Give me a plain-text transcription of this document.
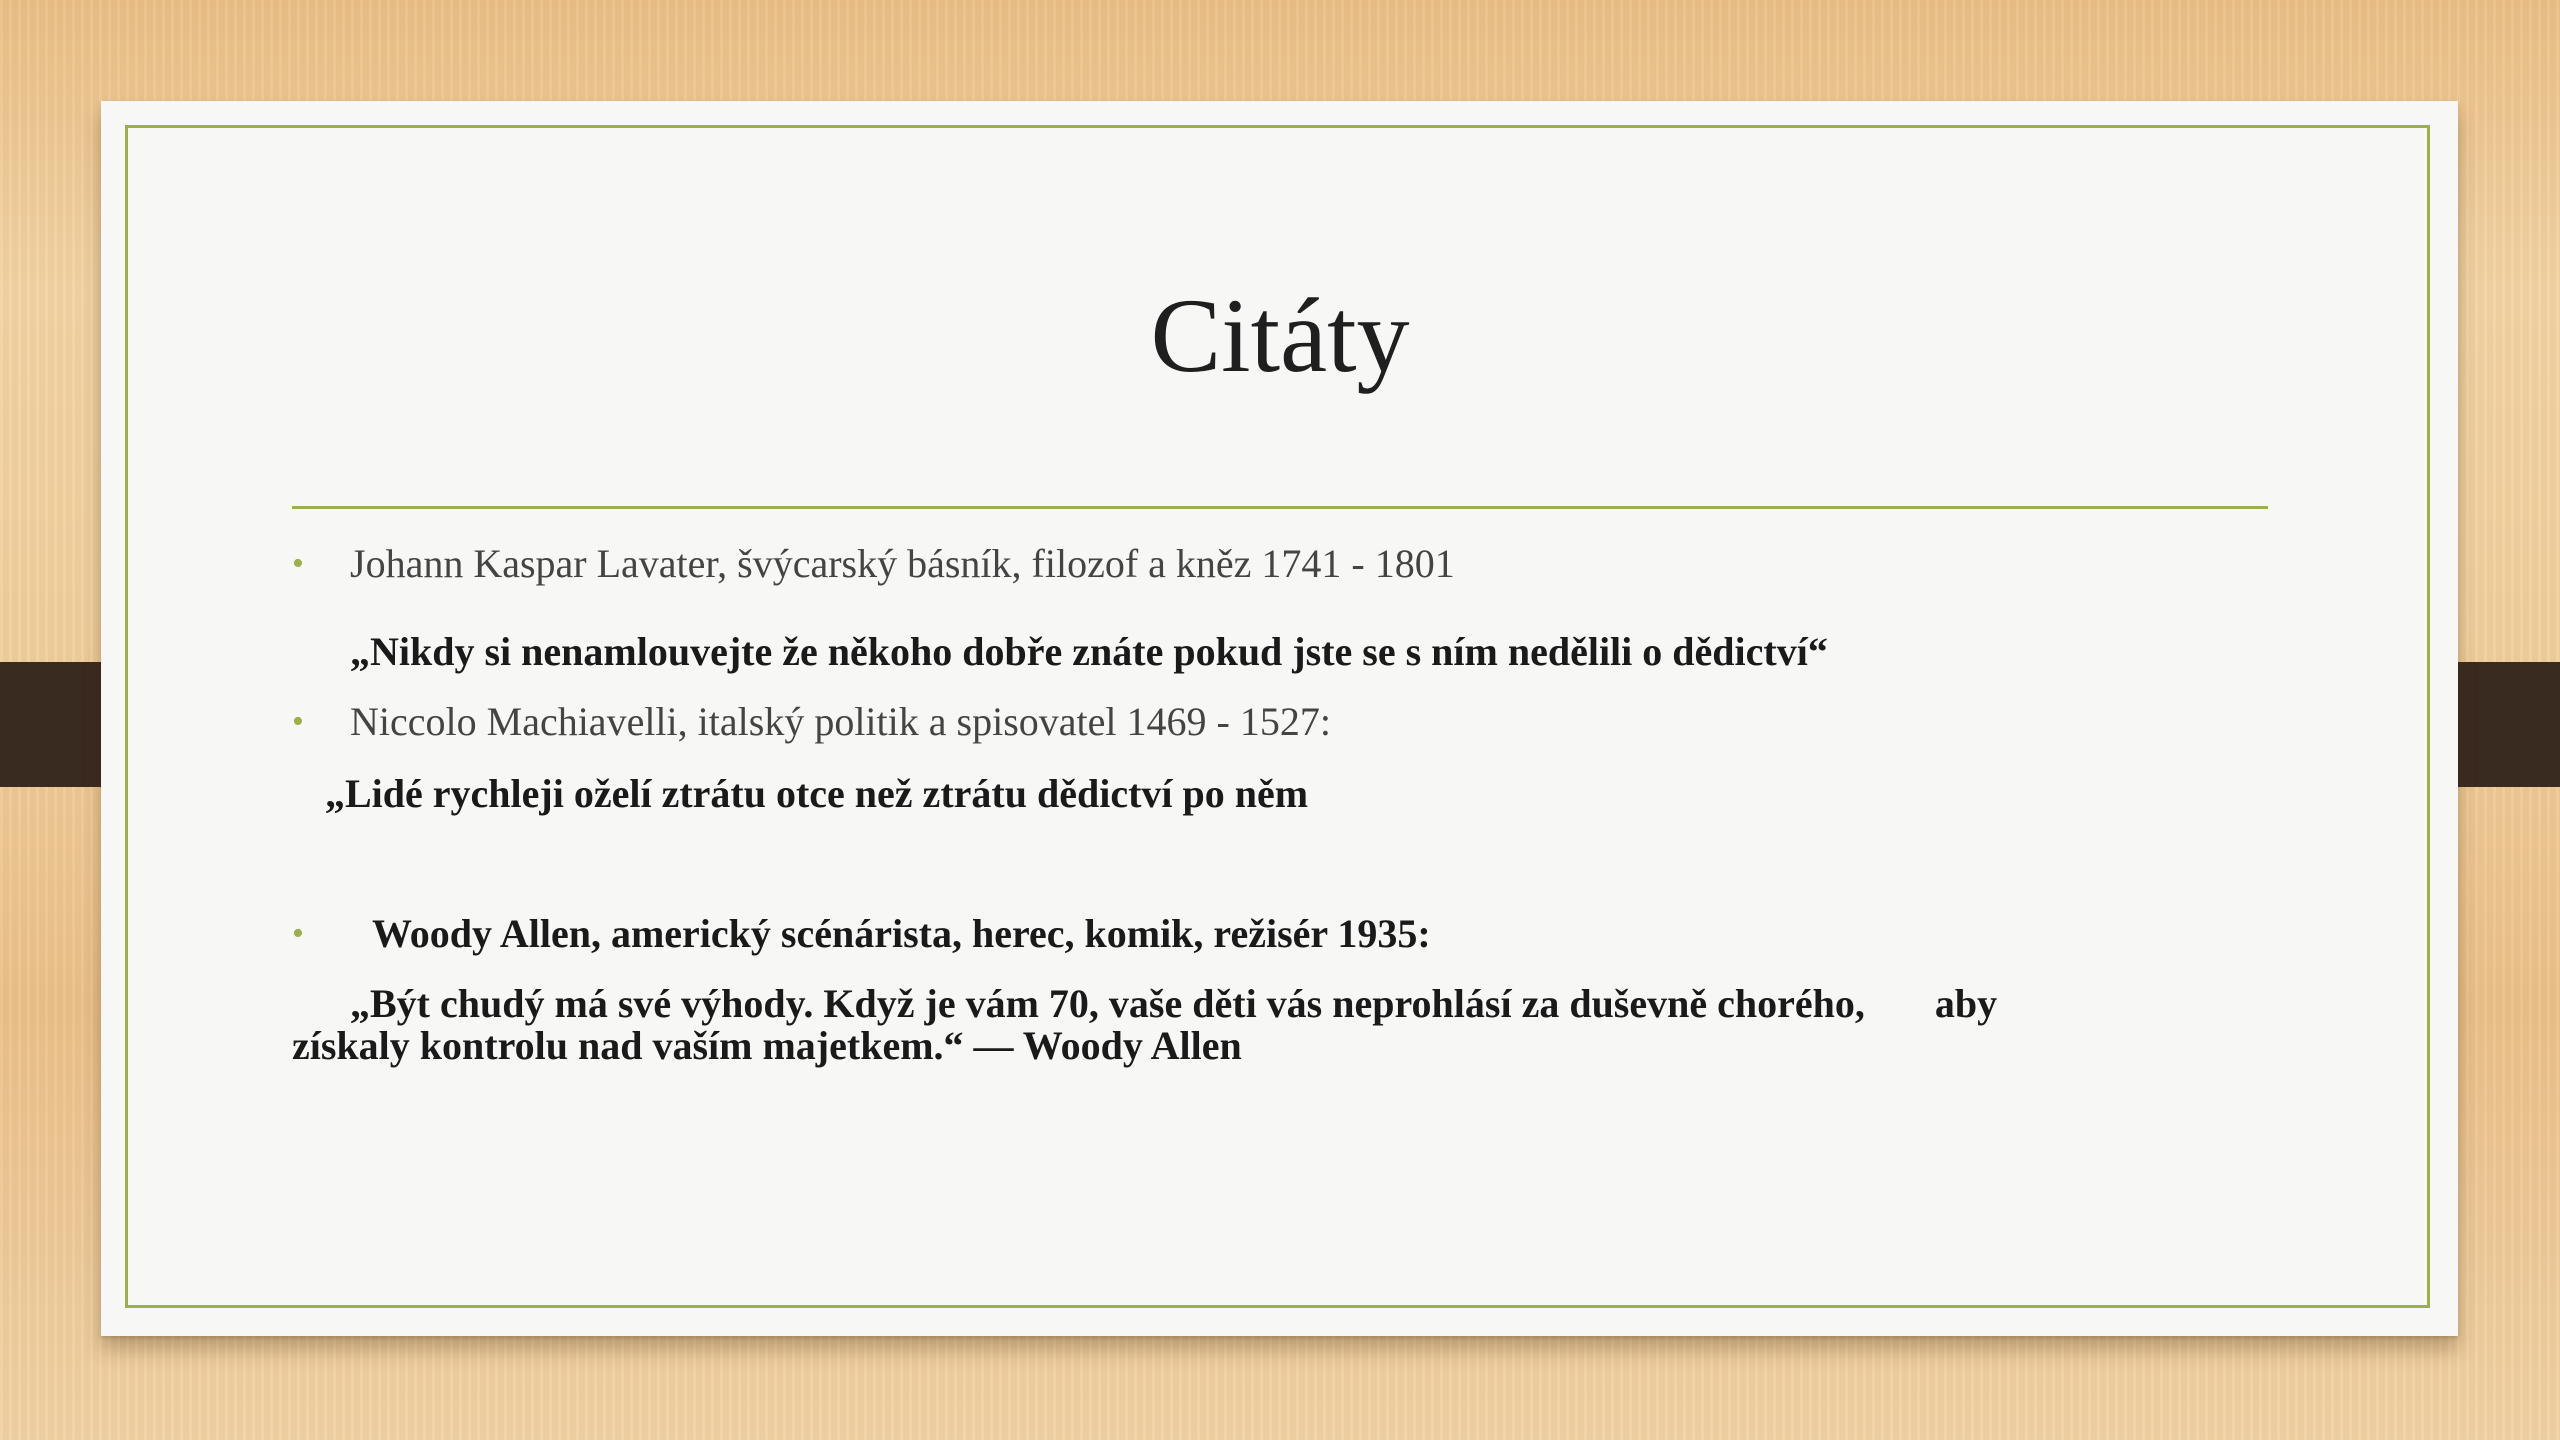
Citáty
• Johann Kaspar Lavater, švýcarský básník, filozof a kněz 1741 - 1801
„Nikdy si nenamlouvejte že někoho dobře znáte pokud jste se s ním nedělili o dědictví“
• Niccolo Machiavelli, italský politik a spisovatel 1469 - 1527:
„Lidé rychleji oželí ztrátu otce než ztrátu dědictví po něm
• Woody Allen, americký scénárista, herec, komik, režisér 1935:
„Být chudý má své výhody. Když je vám 70, vaše děti vás neprohlásí za duševně chorého,       aby
získaly kontrolu nad vaším majetkem.“ — Woody Allen
